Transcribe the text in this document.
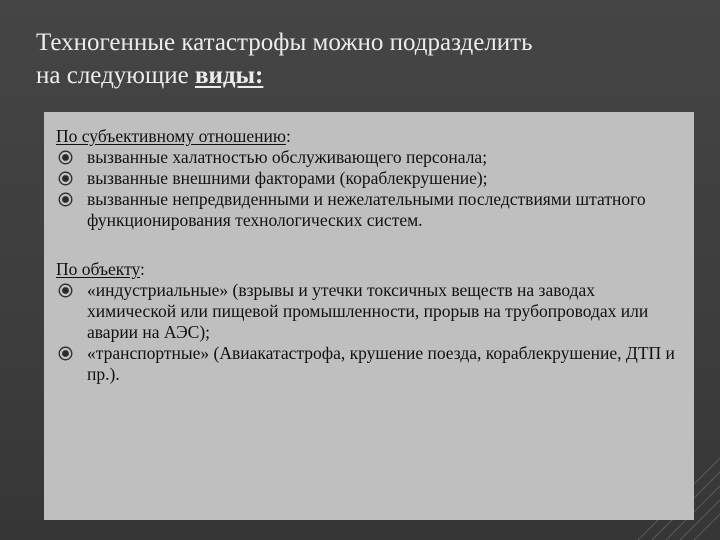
Техногенные катастрофы можно подразделить
на следующие виды:

По субъективному отношению:

вызванные халатностью обслуживающего персонала;
вызванные внешними факторами (кораблекрушение);
вызванные непредвиденными и нежелательными последствиями штатного функционирования технологических систем.

По объекту:

«индустриальные» (взрывы и утечки токсичных веществ на заводах химической или пищевой промышленности, прорыв на трубопроводах или аварии на АЭС);
«транспортные» (Авиакатастрофа, крушение поезда, кораблекрушение, ДТП и пр.).
